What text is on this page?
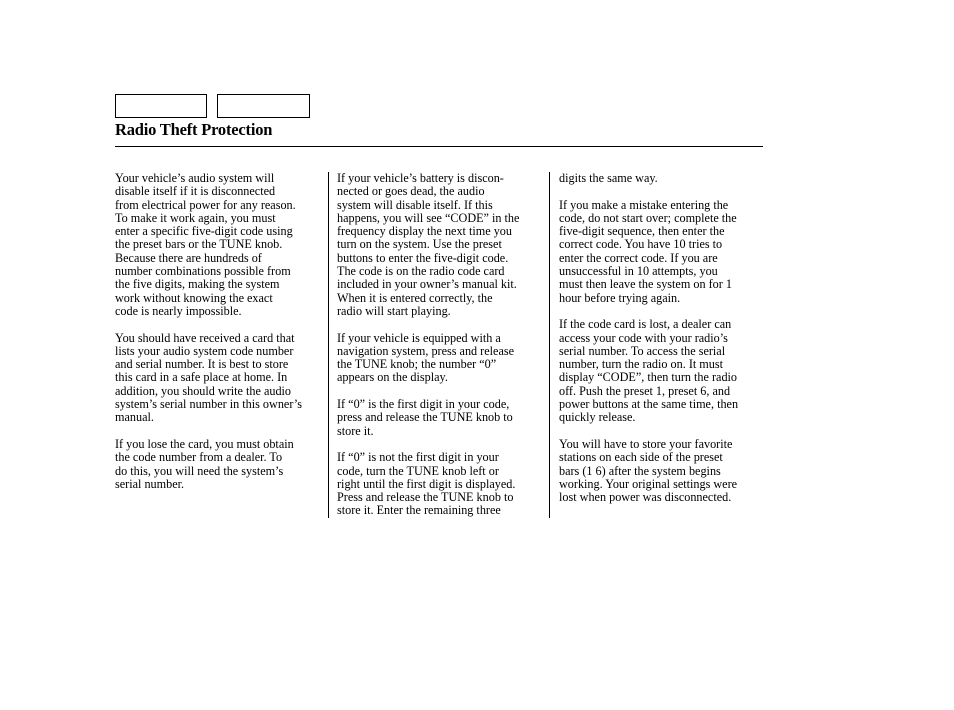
Radio Theft Protection

Your vehicle’s audio system will
disable itself if it is disconnected
from electrical power for any reason.
To make it work again, you must
enter a specific five-digit code using
the preset bars or the TUNE knob.
Because there are hundreds of
number combinations possible from
the five digits, making the system
work without knowing the exact
code is nearly impossible.

You should have received a card that
lists your audio system code number
and serial number. It is best to store
this card in a safe place at home. In
addition, you should write the audio
system’s serial number in this owner’s
manual.

If you lose the card, you must obtain
the code number from a dealer. To
do this, you will need the system’s
serial number.

If your vehicle’s battery is discon-
nected or goes dead, the audio
system will disable itself. If this
happens, you will see “CODE” in the
frequency display the next time you
turn on the system. Use the preset
buttons to enter the five-digit code.
The code is on the radio code card
included in your owner’s manual kit.
When it is entered correctly, the
radio will start playing.

If your vehicle is equipped with a
navigation system, press and release
the TUNE knob; the number “0”
appears on the display.

If “0” is the first digit in your code,
press and release the TUNE knob to
store it.

If “0” is not the first digit in your
code, turn the TUNE knob left or
right until the first digit is displayed.
Press and release the TUNE knob to
store it. Enter the remaining three

digits the same way.

If you make a mistake entering the
code, do not start over; complete the
five-digit sequence, then enter the
correct code. You have 10 tries to
enter the correct code. If you are
unsuccessful in 10 attempts, you
must then leave the system on for 1
hour before trying again.

If the code card is lost, a dealer can
access your code with your radio’s
serial number. To access the serial
number, turn the radio on. It must
display “CODE”, then turn the radio
off. Push the preset 1, preset 6, and
power buttons at the same time, then
quickly release.

You will have to store your favorite
stations on each side of the preset
bars (1 6) after the system begins
working. Your original settings were
lost when power was disconnected.
